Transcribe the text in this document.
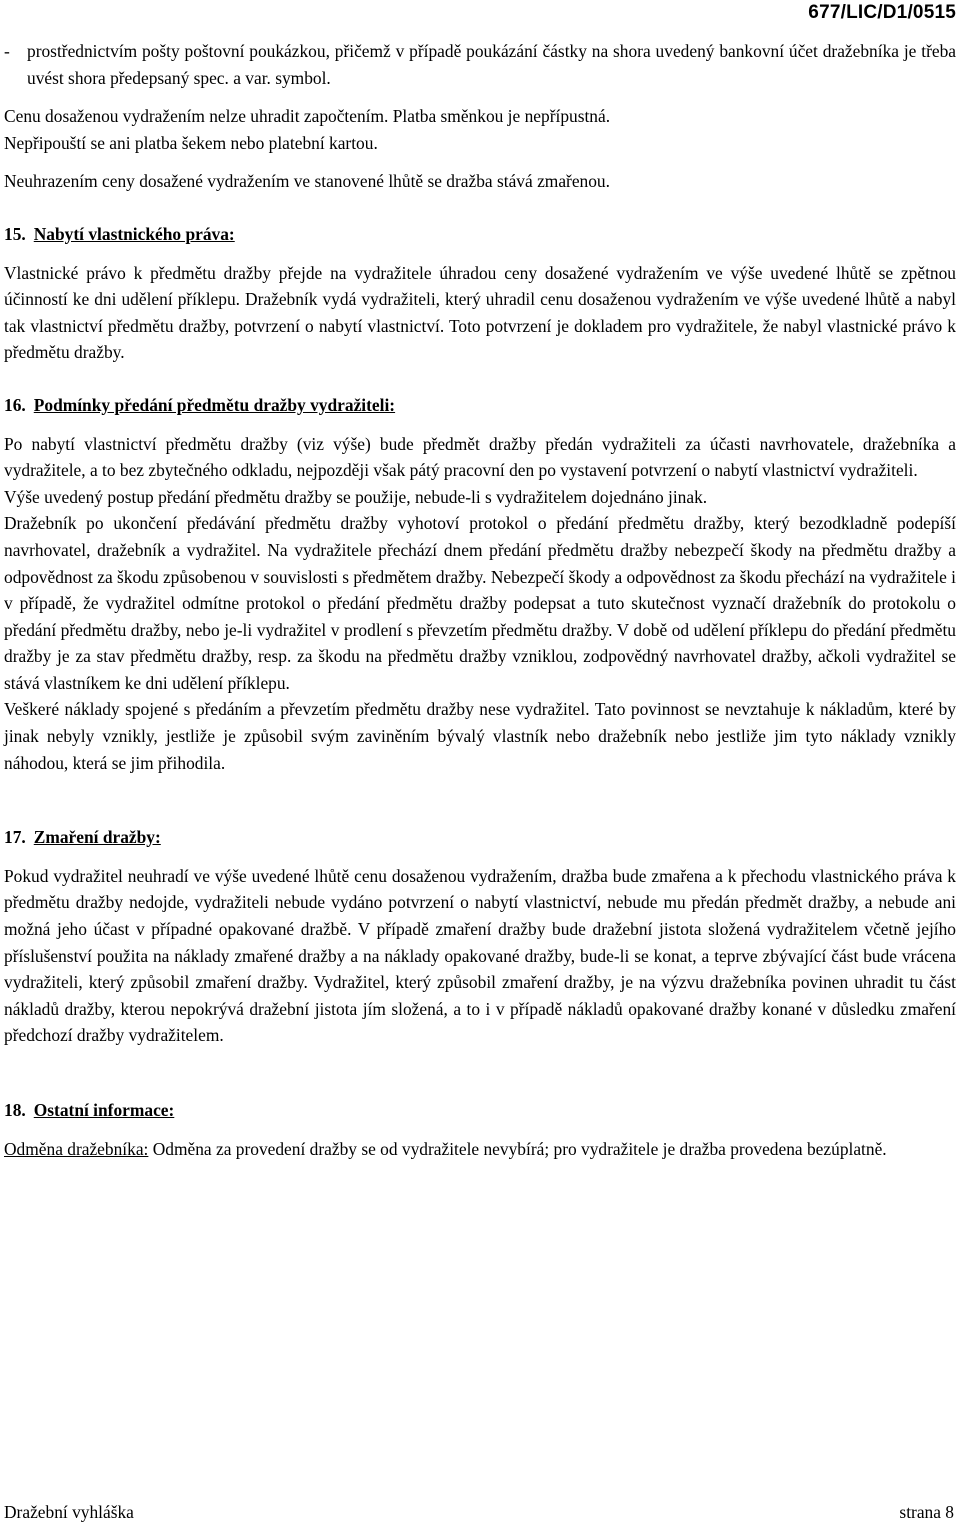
677/LIC/D1/0515
- prostřednictvím pošty poštovní poukázkou, přičemž v případě poukázání částky na shora uvedený bankovní účet dražebníka je třeba uvést shora předepsaný spec. a var. symbol.

Cenu dosaženou vydražením nelze uhradit započtením. Platba směnkou je nepřípustná.

Nepřipouští se ani platba šekem nebo platební kartou.

Neuhrazením ceny dosažené vydražením ve stanovené lhůtě se dražba stává zmařenou.

15. Nabytí vlastnického práva:

Vlastnické právo k předmětu dražby přejde na vydražitele úhradou ceny dosažené vydražením ve výše uvedené lhůtě se zpětnou účinností ke dni udělení příklepu. Dražebník vydá vydražiteli, který uhradil cenu dosaženou vydražením ve výše uvedené lhůtě a nabyl tak vlastnictví předmětu dražby, potvrzení o nabytí vlastnictví. Toto potvrzení je dokladem pro vydražitele, že nabyl vlastnické právo k předmětu dražby.

16. Podmínky předání předmětu dražby vydražiteli:

Po nabytí vlastnictví předmětu dražby (viz výše) bude předmět dražby předán vydražiteli za účasti navrhovatele, dražebníka a vydražitele, a to bez zbytečného odkladu, nejpozději však pátý pracovní den po vystavení potvrzení o nabytí vlastnictví vydražiteli.

Výše uvedený postup předání předmětu dražby se použije, nebude-li s vydražitelem dojednáno jinak.

Dražebník po ukončení předávání předmětu dražby vyhotoví protokol o předání předmětu dražby, který bezodkladně podepíší navrhovatel, dražebník a vydražitel. Na vydražitele přechází dnem předání předmětu dražby nebezpečí škody na předmětu dražby a odpovědnost za škodu způsobenou v souvislosti s předmětem dražby. Nebezpečí škody a odpovědnost za škodu přechází na vydražitele i v případě, že vydražitel odmítne protokol o předání předmětu dražby podepsat a tuto skutečnost vyznačí dražebník do protokolu o předání předmětu dražby, nebo je-li vydražitel v prodlení s převzetím předmětu dražby. V době od udělení příklepu do předání předmětu dražby je za stav předmětu dražby, resp. za škodu na předmětu dražby vzniklou, zodpovědný navrhovatel dražby, ačkoli vydražitel se stává vlastníkem ke dni udělení příklepu.

Veškeré náklady spojené s předáním a převzetím předmětu dražby nese vydražitel. Tato povinnost se nevztahuje k nákladům, které by jinak nebyly vznikly, jestliže je způsobil svým zaviněním bývalý vlastník nebo dražebník nebo jestliže jim tyto náklady vznikly náhodou, která se jim přihodila.

17. Zmaření dražby:

Pokud vydražitel neuhradí ve výše uvedené lhůtě cenu dosaženou vydražením, dražba bude zmařena a k přechodu vlastnického práva k předmětu dražby nedojde, vydražiteli nebude vydáno potvrzení o nabytí vlastnictví, nebude mu předán předmět dražby, a nebude ani možná jeho účast v případné opakované dražbě. V případě zmaření dražby bude dražební jistota složená vydražitelem včetně jejího příslušenství použita na náklady zmařené dražby a na náklady opakované dražby, bude-li se konat, a teprve zbývající část bude vrácena vydražiteli, který způsobil zmaření dražby. Vydražitel, který způsobil zmaření dražby, je na výzvu dražebníka povinen uhradit tu část nákladů dražby, kterou nepokrývá dražební jistota jím složená, a to i v případě nákladů opakované dražby konané v důsledku zmaření předchozí dražby vydražitelem.

18. Ostatní informace:

Odměna dražebníka: Odměna za provedení dražby se od vydražitele nevybírá; pro vydražitele je dražba provedena bezúplatně.

Dražební vyhláška	strana 8
